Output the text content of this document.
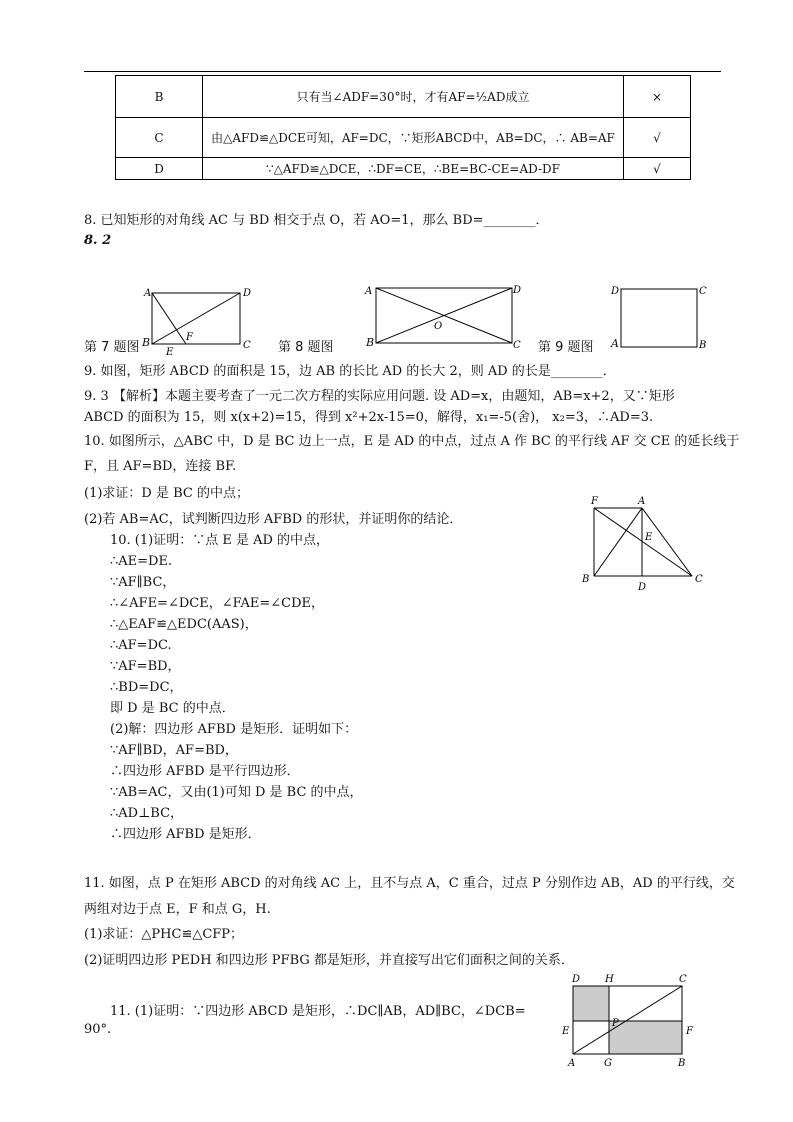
B	只有当∠ADF=30°时，才有AF=½AD成立	×
C	由△AFD≌△DCE可知，AF=DC，∵矩形ABCD中，AB=DC，∴ AB=AF	√
D	∵△AFD≌△DCE，∴DF=CE，∴BE=BC-CE=AD-DF	√
8. 已知矩形的对角线 AC 与 BD 相交于点 O，若 AO=1，那么 BD=________．
8. 2
A	D
C
F
E
第 7 题图 B
A	D
C
O
第 8 题图	B
D	C
B
第 9 题图 A
9. 如图，矩形 ABCD 的面积是 15，边 AB 的长比 AD 的长大 2，则 AD 的长是________．
9. 3 【解析】本题主要考查了一元二次方程的实际应用问题. 设 AD=x，由题知，AB=x+2，又∵矩形
ABCD 的面积为 15，则 x(x+2)=15，得到 x²+2x-15=0，解得，x₁=-5(舍)， x₂=3，∴AD=3.
10. 如图所示，△ABC 中，D 是 BC 边上一点，E 是 AD 的中点，过点 A 作 BC 的平行线 AF 交 CE 的延长线于
F，且 AF=BD，连接 BF.
(1)求证：D 是 BC 的中点；
(2)若 AB=AC，试判断四边形 AFBD 的形状，并证明你的结论．
10. (1)证明：∵点 E 是 AD 的中点，
∴AE=DE.
∵AF∥BC，
∴∠AFE=∠DCE，∠FAE=∠CDE，
∴△EAF≌△EDC(AAS)，
∴AF=DC.
∵AF=BD，
∴BD=DC，
即 D 是 BC 的中点．
(2)解：四边形 AFBD 是矩形．证明如下：
∵AF∥BD，AF=BD，
∴四边形 AFBD 是平行四边形．
∵AB=AC，又由(1)可知 D 是 BC 的中点，
∴AD⊥BC，
∴四边形 AFBD 是矩形．
F	A
E
B
D
C
11. 如图，点 P 在矩形 ABCD 的对角线 AC 上，且不与点 A，C 重合，过点 P 分别作边 AB，AD 的平行线，交
两组对边于点 E，F 和点 G，H.
(1)求证：△PHC≌△CFP；
(2)证明四边形 PEDH 和四边形 PFBG 都是矩形，并直接写出它们面积之间的关系．
11. (1)证明：∵四边形 ABCD 是矩形，∴DC∥AB，AD∥BC，∠DCB=
90°.
D H	C
E
P
F
A	G	B
